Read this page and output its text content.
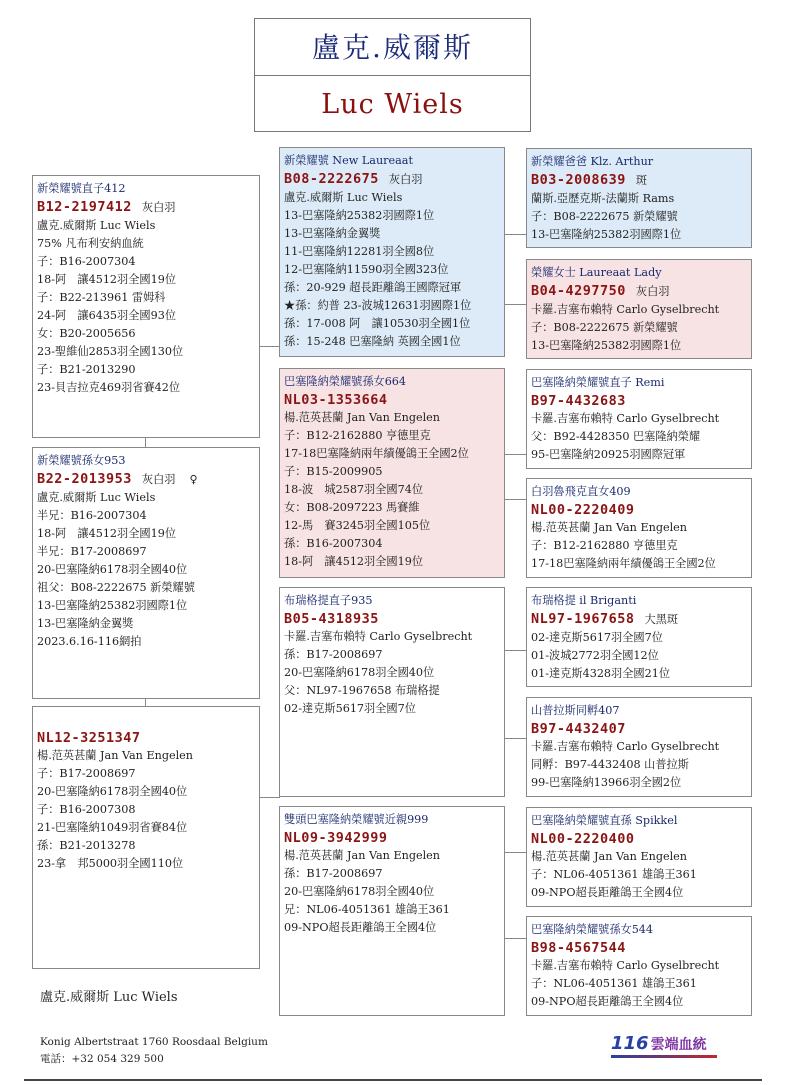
盧克.威爾斯
Luc Wiels
新榮耀號直子412
B12-2197412 灰白羽
盧克.威爾斯 Luc Wiels
75% 凡布利安納血統
子：B16-2007304
18-阿　讓4512羽全國19位
子：B22-213961 雷姆科
24-阿　讓6435羽全國93位
女：B20-2005656
23-聖維仙2853羽全國130位
子：B21-2013290
23-貝吉拉克469羽省賽42位
新榮耀號孫女953
B22-2013953 灰白羽 ♀
盧克.威爾斯 Luc Wiels
半兄：B16-2007304
18-阿　讓4512羽全國19位
半兄：B17-2008697
20-巴塞隆納6178羽全國40位
祖父：B08-2222675 新榮耀號
13-巴塞隆納25382羽國際1位
13-巴塞隆納金翼獎
2023.6.16-116網拍
NL12-3251347
楊.范英甚蘭 Jan Van Engelen
子：B17-2008697
20-巴塞隆納6178羽全國40位
子：B16-2007308
21-巴塞隆納1049羽省賽84位
孫：B21-2013278
23-拿　邦5000羽全國110位
新榮耀號 New Laureaat
B08-2222675 灰白羽
盧克.威爾斯 Luc Wiels
13-巴塞隆納25382羽國際1位
13-巴塞隆納金翼獎
11-巴塞隆納12281羽全國8位
12-巴塞隆納11590羽全國323位
孫：20-929 超長距離鴿王國際冠軍
★孫：約普 23-波城12631羽國際1位
孫：17-008 阿　讓10530羽全國1位
孫：15-248 巴塞隆納 英國全國1位
巴塞隆納榮耀號孫女664
NL03-1353664
楊.范英甚蘭 Jan Van Engelen
子：B12-2162880 亨德里克
17-18巴塞隆納兩年績優鴿王全國2位
子：B15-2009905
18-波　城2587羽全國74位
女：B08-2097223 馬賽維
12-馬　賽3245羽全國105位
孫：B16-2007304
18-阿　讓4512羽全國19位
布瑞格提直子935
B05-4318935
卡羅.吉塞布賴特 Carlo Gyselbrecht
孫：B17-2008697
20-巴塞隆納6178羽全國40位
父：NL97-1967658 布瑞格提
02-達克斯5617羽全國7位
雙頭巴塞隆納榮耀號近親999
NL09-3942999
楊.范英甚蘭 Jan Van Engelen
孫：B17-2008697
20-巴塞隆納6178羽全國40位
兄：NL06-4051361 雄鴿王361
09-NPO超長距離鴿王全國4位
新榮耀爸爸 Klz. Arthur
B03-2008639 斑
蘭斯.亞歷克斯-法蘭斯 Rams
子：B08-2222675 新榮耀號
13-巴塞隆納25382羽國際1位
榮耀女士 Laureaat Lady
B04-4297750 灰白羽
卡羅.吉塞布賴特 Carlo Gyselbrecht
子：B08-2222675 新榮耀號
13-巴塞隆納25382羽國際1位
巴塞隆納榮耀號直子 Remi
B97-4432683
卡羅.吉塞布賴特 Carlo Gyselbrecht
父：B92-4428350 巴塞隆納榮耀
95-巴塞隆納20925羽國際冠軍
白羽魯飛克直女409
NL00-2220409
楊.范英甚蘭 Jan Van Engelen
子：B12-2162880 亨德里克
17-18巴塞隆納兩年績優鴿王全國2位
布瑞格提 il Briganti
NL97-1967658 大黑斑
02-達克斯5617羽全國7位
01-波城2772羽全國12位
01-達克斯4328羽全國21位
山普拉斯同孵407
B97-4432407
卡羅.吉塞布賴特 Carlo Gyselbrecht
同孵：B97-4432408 山普拉斯
99-巴塞隆納13966羽全國2位
巴塞隆納榮耀號直孫 Spikkel
NL00-2220400
楊.范英甚蘭 Jan Van Engelen
子：NL06-4051361 雄鴿王361
09-NPO超長距離鴿王全國4位
巴塞隆納榮耀號孫女544
B98-4567544
卡羅.吉塞布賴特 Carlo Gyselbrecht
子：NL06-4051361 雄鴿王361
09-NPO超長距離鴿王全國4位
盧克.威爾斯 Luc Wiels
Konig Albertstraat 1760 Roosdaal Belgium
電話：+32 054 329 500
116 雲端血統
